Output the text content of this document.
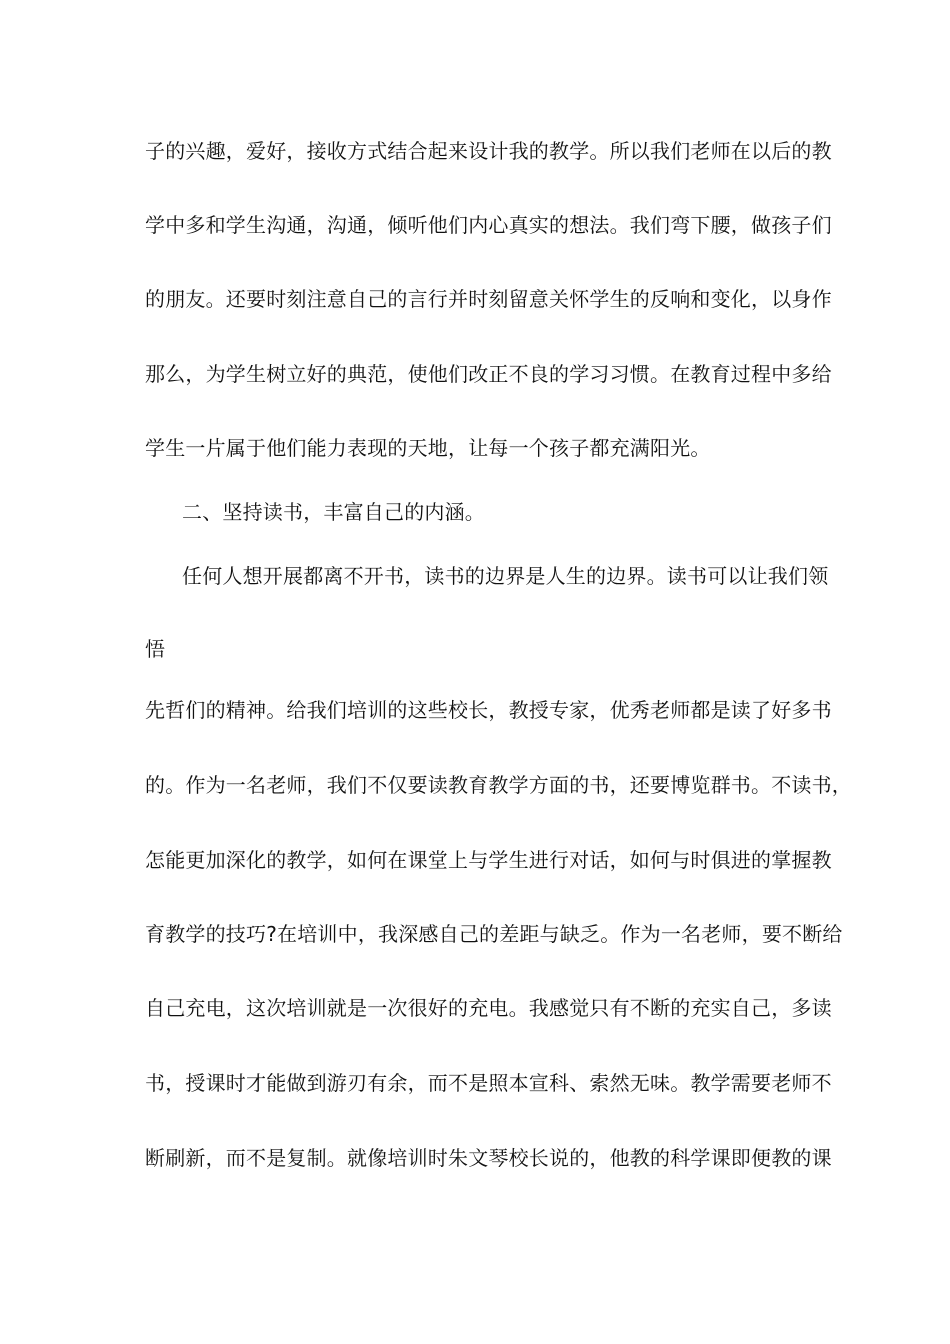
子的兴趣，爱好，接收方式结合起来设计我的教学。所以我们老师在以后的教
学中多和学生沟通，沟通，倾听他们内心真实的想法。我们弯下腰，做孩子们
的朋友。还要时刻注意自己的言行并时刻留意关怀学生的反响和变化，以身作
那么，为学生树立好的典范，使他们改正不良的学习习惯。在教育过程中多给
学生一片属于他们能力表现的天地，让每一个孩子都充满阳光。
二、坚持读书，丰富自己的内涵。
任何人想开展都离不开书，读书的边界是人生的边界。读书可以让我们领
悟
先哲们的精神。给我们培训的这些校长，教授专家，优秀老师都是读了好多书
的。作为一名老师，我们不仅要读教育教学方面的书，还要博览群书。不读书，
怎能更加深化的教学，如何在课堂上与学生进行对话，如何与时俱进的掌握教
育教学的技巧?在培训中，我深感自己的差距与缺乏。作为一名老师，要不断给
自己充电，这次培训就是一次很好的充电。我感觉只有不断的充实自己，多读
书，授课时才能做到游刃有余，而不是照本宣科、索然无味。教学需要老师不
断刷新，而不是复制。就像培训时朱文琴校长说的，他教的科学课即便教的课
